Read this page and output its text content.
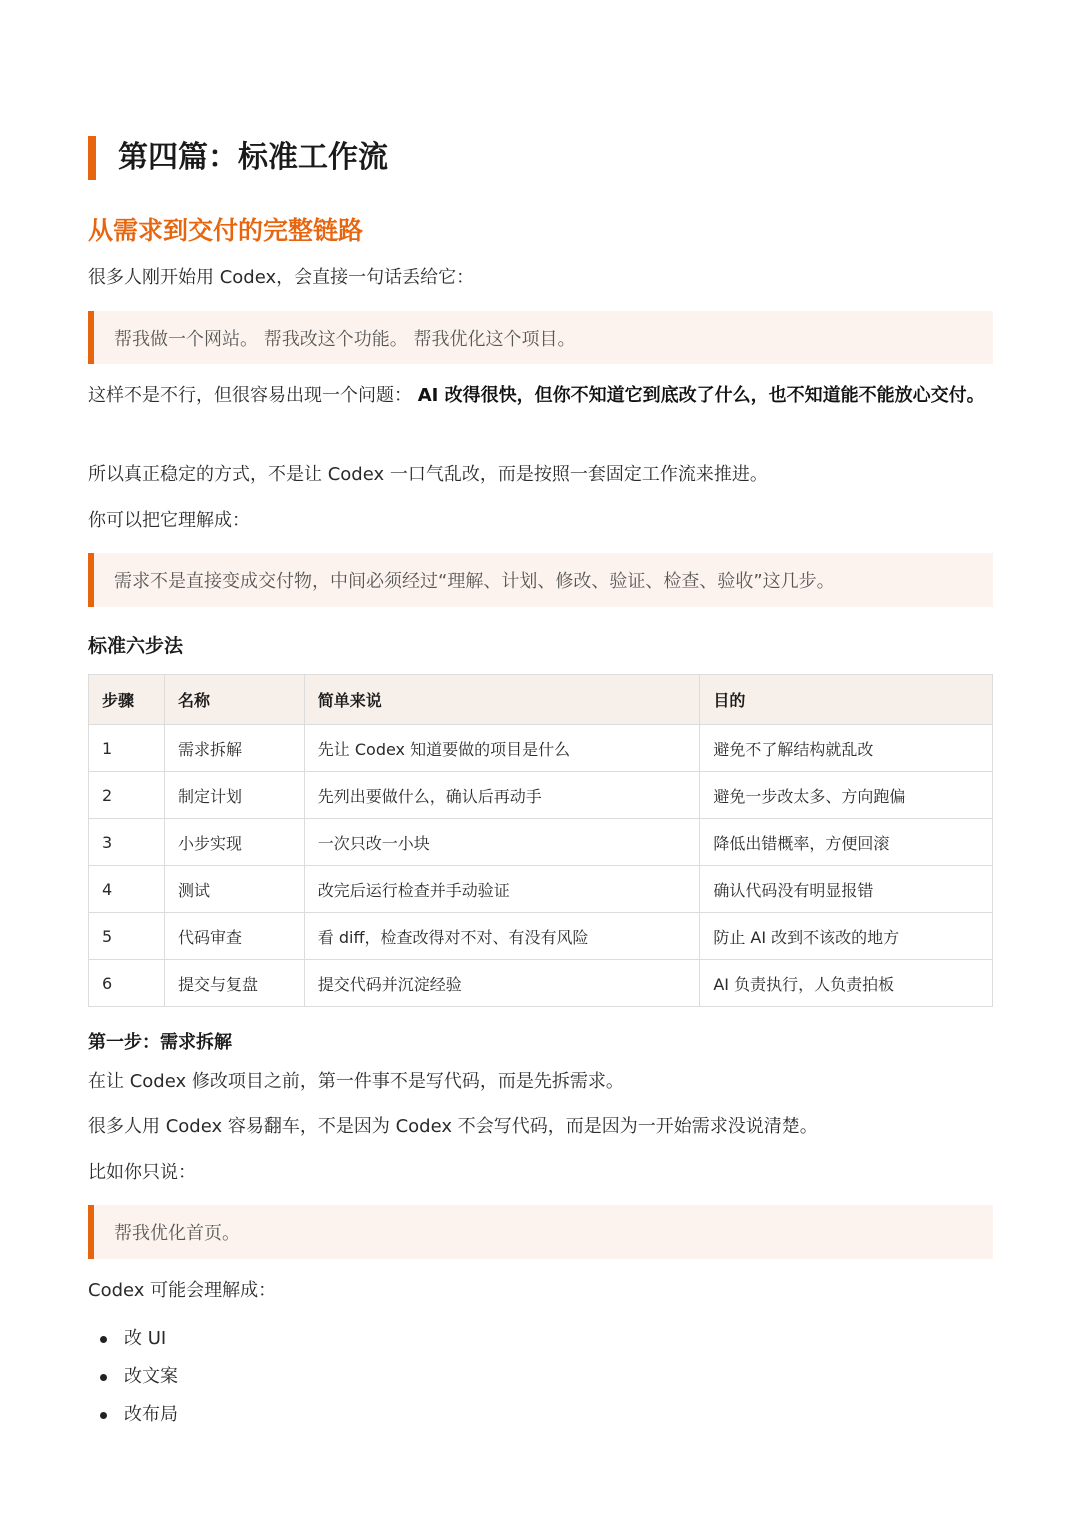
第四篇：标准工作流
从需求到交付的完整链路
很多人刚开始用 Codex，会直接一句话丢给它：
帮我做一个网站。 帮我改这个功能。 帮我优化这个项目。
这样不是不行，但很容易出现一个问题： AI 改得很快，但你不知道它到底改了什么，也不知道能不能放心交付。
所以真正稳定的方式，不是让 Codex 一口气乱改，而是按照一套固定工作流来推进。
你可以把它理解成：
需求不是直接变成交付物，中间必须经过“理解、计划、修改、验证、检查、验收”这几步。
标准六步法
步骤	名称	简单来说	目的
1	需求拆解	先让 Codex 知道要做的项目是什么	避免不了解结构就乱改
2	制定计划	先列出要做什么，确认后再动手	避免一步改太多、方向跑偏
3	小步实现	一次只改一小块	降低出错概率，方便回滚
4	测试	改完后运行检查并手动验证	确认代码没有明显报错
5	代码审查	看 diff，检查改得对不对、有没有风险	防止 AI 改到不该改的地方
6	提交与复盘	提交代码并沉淀经验	AI 负责执行，人负责拍板
第一步：需求拆解
在让 Codex 修改项目之前，第一件事不是写代码，而是先拆需求。
很多人用 Codex 容易翻车，不是因为 Codex 不会写代码，而是因为一开始需求没说清楚。
比如你只说：
帮我优化首页。
Codex 可能会理解成：
改 UI
改文案
改布局
